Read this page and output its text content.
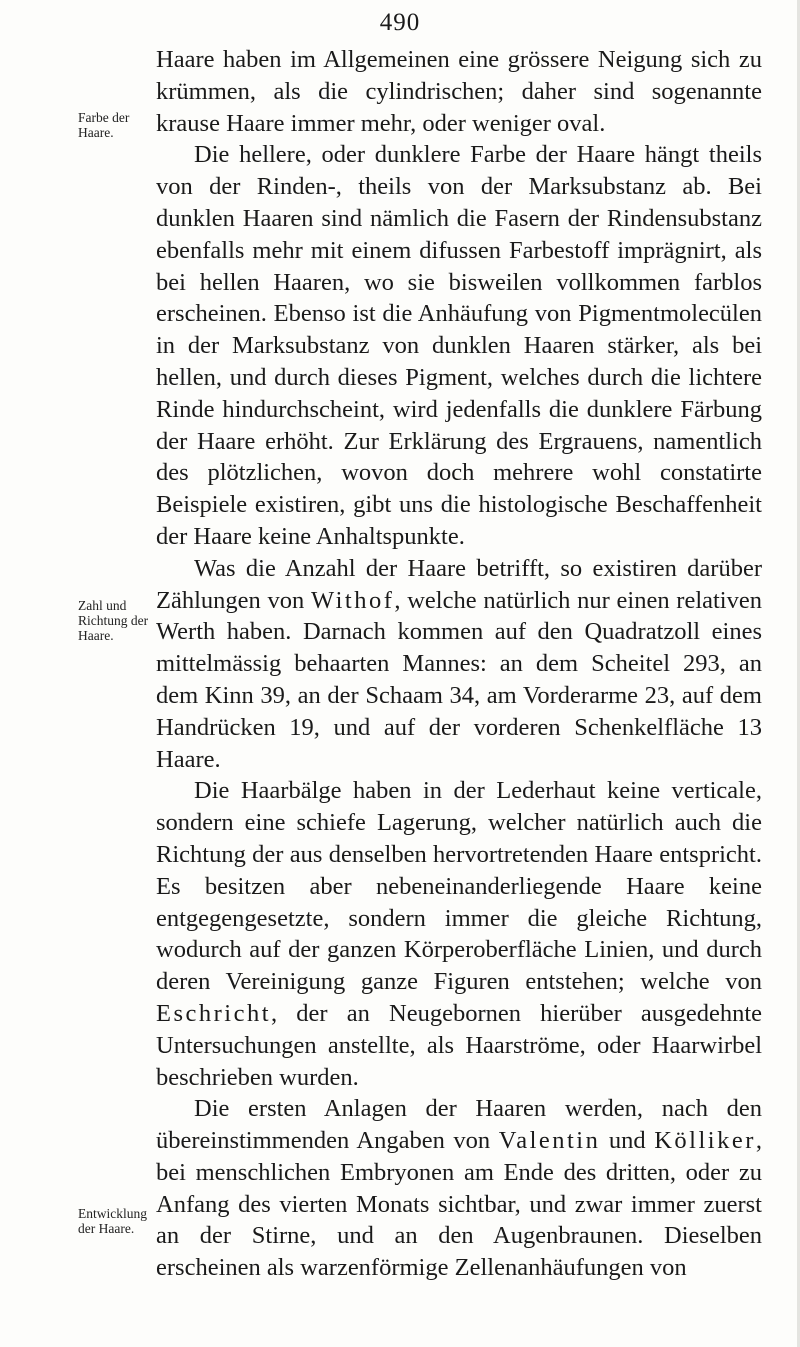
490
Farbe der Haare.
Zahl und Richtung der Haare.
Entwicklung der Haare.

Haare haben im Allgemeinen eine grössere Neigung sich zu krümmen, als die cylindrischen; daher sind sogenannte krause Haare immer mehr, oder weniger oval.

Die hellere, oder dunklere Farbe der Haare hängt theils von der Rinden-, theils von der Marksubstanz ab. Bei dunklen Haaren sind nämlich die Fasern der Rindensubstanz ebenfalls mehr mit einem difussen Farbestoff imprägnirt, als bei hellen Haaren, wo sie bisweilen vollkommen farblos erscheinen. Ebenso ist die Anhäufung von Pigmentmolecülen in der Marksubstanz von dunklen Haaren stärker, als bei hellen, und durch dieses Pigment, welches durch die lichtere Rinde hindurchscheint, wird jedenfalls die dunklere Färbung der Haare erhöht. Zur Erklärung des Ergrauens, namentlich des plötzlichen, wovon doch mehrere wohl constatirte Beispiele existiren, gibt uns die histologische Beschaffenheit der Haare keine Anhaltspunkte.

Was die Anzahl der Haare betrifft, so existiren darüber Zählungen von Withof, welche natürlich nur einen relativen Werth haben. Darnach kommen auf den Quadratzoll eines mittelmässig behaarten Mannes: an dem Scheitel 293, an dem Kinn 39, an der Schaam 34, am Vorderarme 23, auf dem Handrücken 19, und auf der vorderen Schenkelfläche 13 Haare.

Die Haarbälge haben in der Lederhaut keine verticale, sondern eine schiefe Lagerung, welcher natürlich auch die Richtung der aus denselben hervortretenden Haare entspricht. Es besitzen aber nebeneinanderliegende Haare keine entgegengesetzte, sondern immer die gleiche Richtung, wodurch auf der ganzen Körperoberfläche Linien, und durch deren Vereinigung ganze Figuren entstehen; welche von Eschricht, der an Neugebornen hierüber ausgedehnte Untersuchungen anstellte, als Haarströme, oder Haarwirbel beschrieben wurden.

Die ersten Anlagen der Haaren werden, nach den übereinstimmenden Angaben von Valentin und Kölliker, bei menschlichen Embryonen am Ende des dritten, oder zu Anfang des vierten Monats sichtbar, und zwar immer zuerst an der Stirne, und an den Augenbraunen. Dieselben erscheinen als warzenförmige Zellenanhäufungen von
